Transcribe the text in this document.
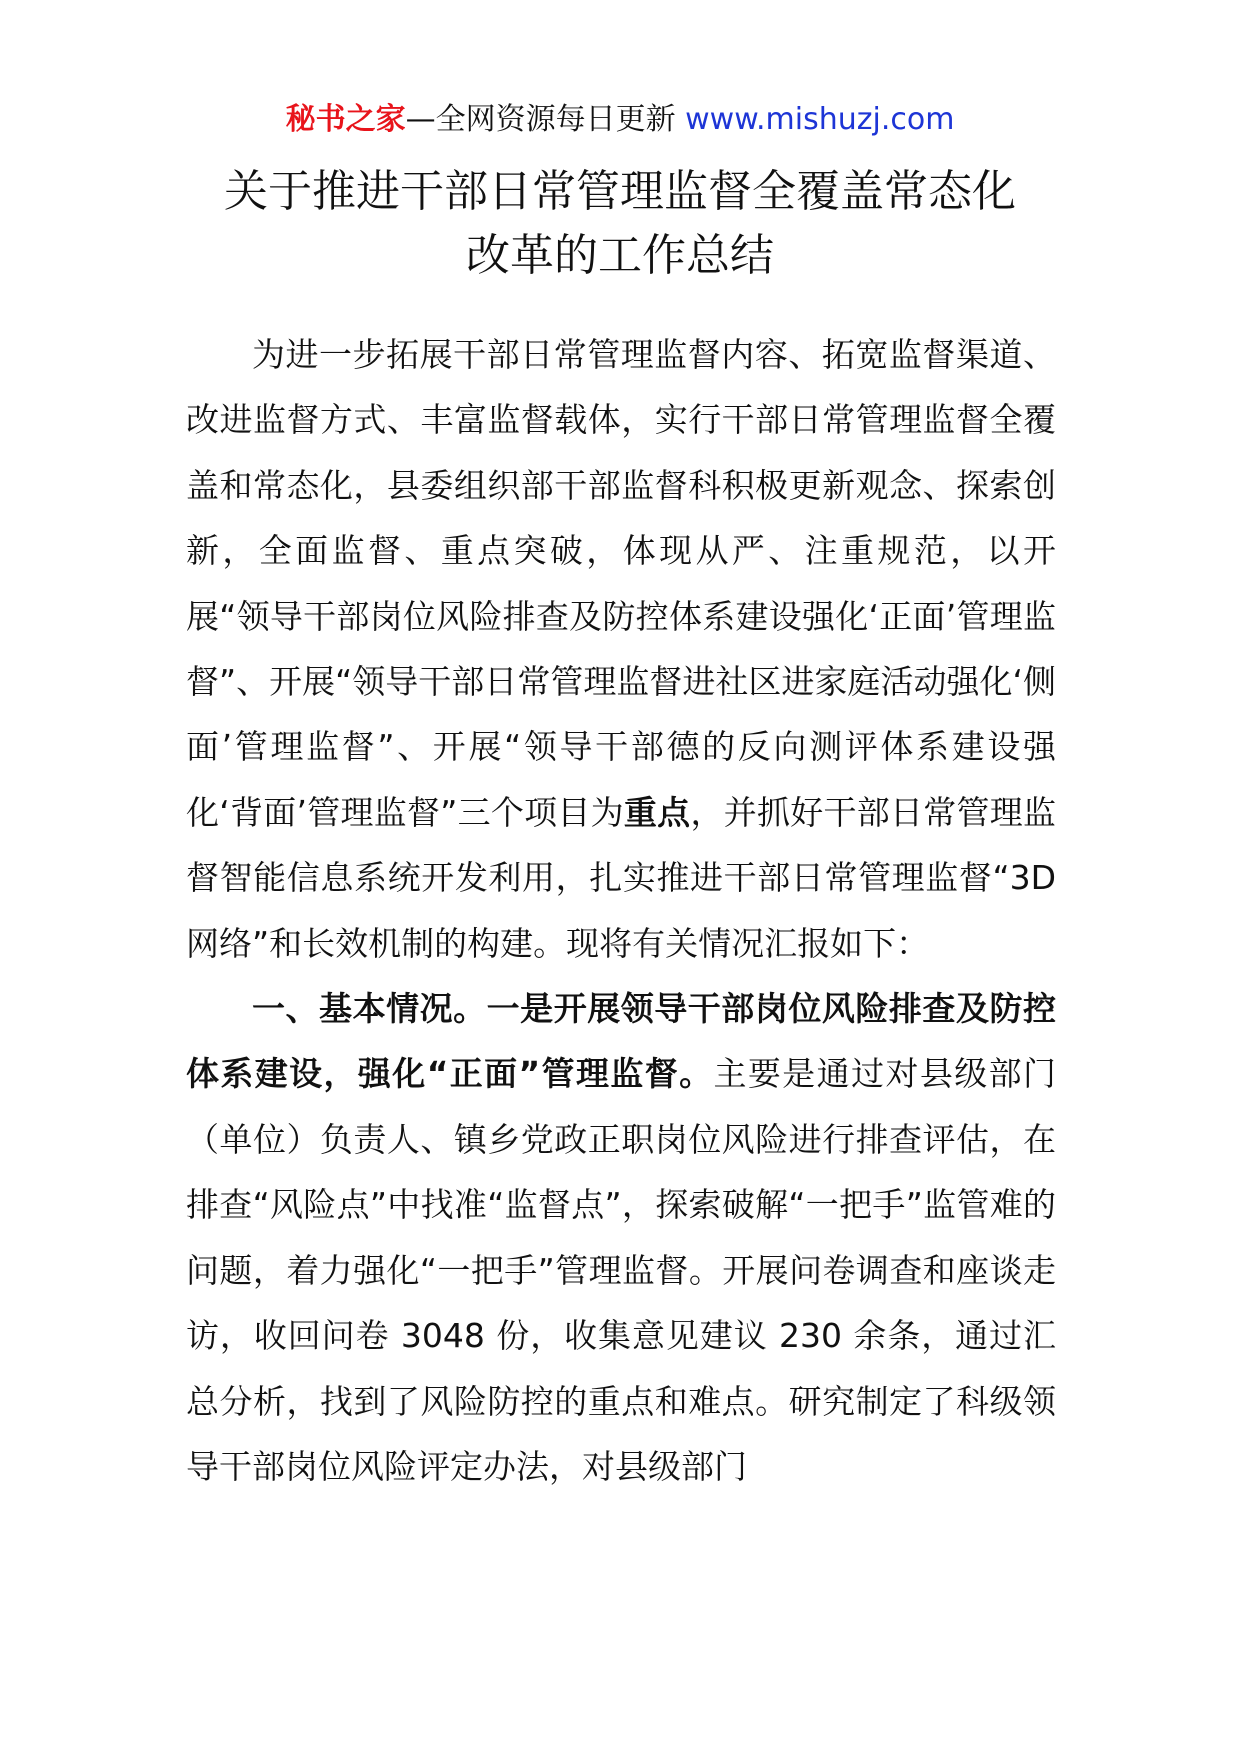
秘书之家—全网资源每日更新 www.mishuzj.com
关于推进干部日常管理监督全覆盖常态化
改革的工作总结

为进一步拓展干部日常管理监督内容、拓宽监督渠道、改进监督方式、丰富监督载体，实行干部日常管理监督全覆盖和常态化，县委组织部干部监督科积极更新观念、探索创新，全面监督、重点突破，体现从严、注重规范，以开展“领导干部岗位风险排查及防控体系建设强化‘正面’管理监督”、开展“领导干部日常管理监督进社区进家庭活动强化‘侧面’管理监督”、开展“领导干部德的反向测评体系建设强化‘背面’管理监督”三个项目为重点，并抓好干部日常管理监督智能信息系统开发利用，扎实推进干部日常管理监督“3D 网络”和长效机制的构建。现将有关情况汇报如下：

一、基本情况。一是开展领导干部岗位风险排查及防控体系建设，强化“正面”管理监督。主要是通过对县级部门（单位）负责人、镇乡党政正职岗位风险进行排查评估，在排查“风险点”中找准“监督点”，探索破解“一把手”监管难的问题，着力强化“一把手”管理监督。开展问卷调查和座谈走访，收回问卷 3048 份，收集意见建议 230 余条，通过汇总分析，找到了风险防控的重点和难点。研究制定了科级领导干部岗位风险评定办法，对县级部门
